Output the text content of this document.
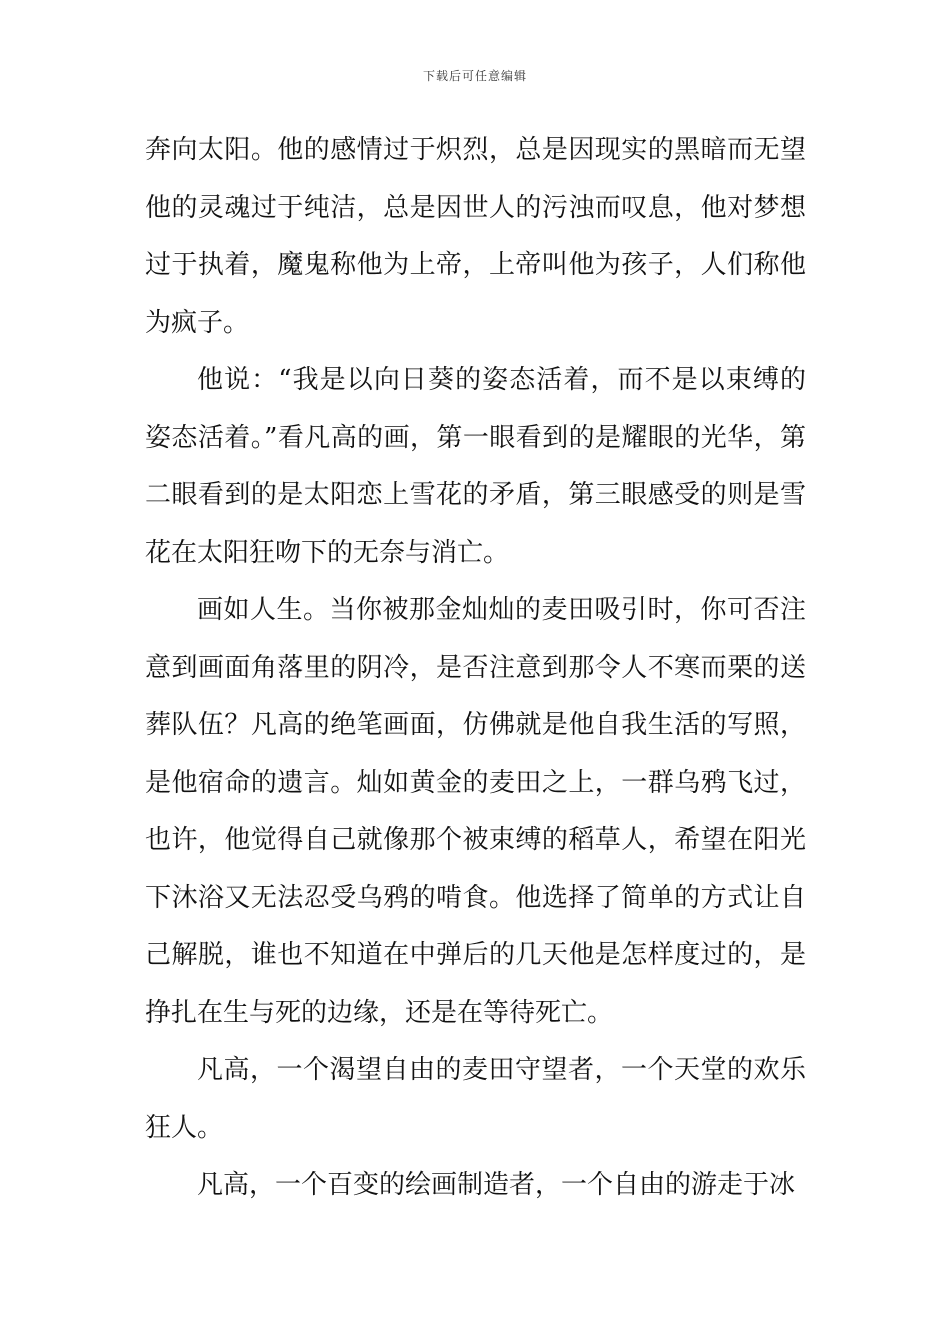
下载后可任意编辑

奔向太阳。他的感情过于炽烈，总是因现实的黑暗而无望他的灵魂过于纯洁，总是因世人的污浊而叹息，他对梦想过于执着，魔鬼称他为上帝，上帝叫他为孩子，人们称他为疯子。

他说：“我是以向日葵的姿态活着，而不是以束缚的姿态活着。”看凡高的画，第一眼看到的是耀眼的光华，第二眼看到的是太阳恋上雪花的矛盾，第三眼感受的则是雪花在太阳狂吻下的无奈与消亡。

画如人生。当你被那金灿灿的麦田吸引时，你可否注意到画面角落里的阴冷，是否注意到那令人不寒而栗的送葬队伍？凡高的绝笔画面，仿佛就是他自我生活的写照，是他宿命的遗言。灿如黄金的麦田之上，一群乌鸦飞过，也许，他觉得自己就像那个被束缚的稻草人，希望在阳光下沐浴又无法忍受乌鸦的啃食。他选择了简单的方式让自己解脱，谁也不知道在中弹后的几天他是怎样度过的，是挣扎在生与死的边缘，还是在等待死亡。

凡高，一个渴望自由的麦田守望者，一个天堂的欢乐狂人。

凡高，一个百变的绘画制造者，一个自由的游走于冰
